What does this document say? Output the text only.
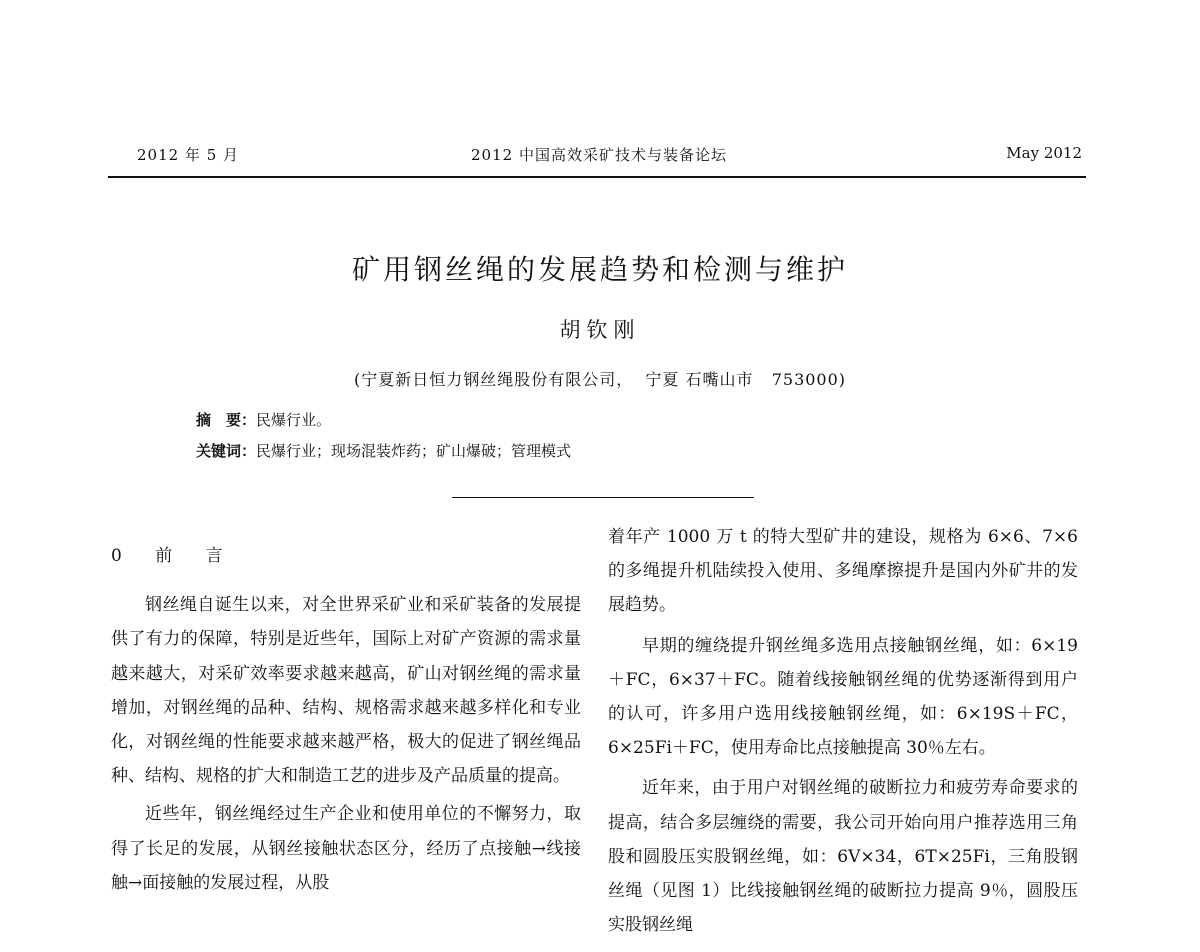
2012 年 5 月	2012 中国高效采矿技术与装备论坛	May 2012
矿用钢丝绳的发展趋势和检测与维护
胡钦刚
(宁夏新日恒力钢丝绳股份有限公司，  宁夏 石嘴山市   753000)
摘　要：民爆行业。
关键词：民爆行业；现场混装炸药；矿山爆破；管理模式

0 前 言

钢丝绳自诞生以来，对全世界采矿业和采矿装备的发展提供了有力的保障，特别是近些年，国际上对矿产资源的需求量越来越大，对采矿效率要求越来越高，矿山对钢丝绳的需求量增加，对钢丝绳的品种、结构、规格需求越来越多样化和专业化，对钢丝绳的性能要求越来越严格，极大的促进了钢丝绳品种、结构、规格的扩大和制造工艺的进步及产品质量的提高。

近些年，钢丝绳经过生产企业和使用单位的不懈努力，取得了长足的发展，从钢丝接触状态区分，经历了点接触→线接触→面接触的发展过程，从股

着年产 1000 万 t 的特大型矿井的建设，规格为 6×6、7×6 的多绳提升机陆续投入使用、多绳摩擦提升是国内外矿井的发展趋势。

早期的缠绕提升钢丝绳多选用点接触钢丝绳，如：6×19＋FC，6×37＋FC。随着线接触钢丝绳的优势逐渐得到用户的认可，许多用户选用线接触钢丝绳，如：6×19S＋FC，6×25Fi＋FC，使用寿命比点接触提高 30％左右。

近年来，由于用户对钢丝绳的破断拉力和疲劳寿命要求的提高，结合多层缠绕的需要，我公司开始向用户推荐选用三角股和圆股压实股钢丝绳，如：6V×34，6T×25Fi，三角股钢丝绳（见图 1）比线接触钢丝绳的破断拉力提高 9％，圆股压实股钢丝绳
